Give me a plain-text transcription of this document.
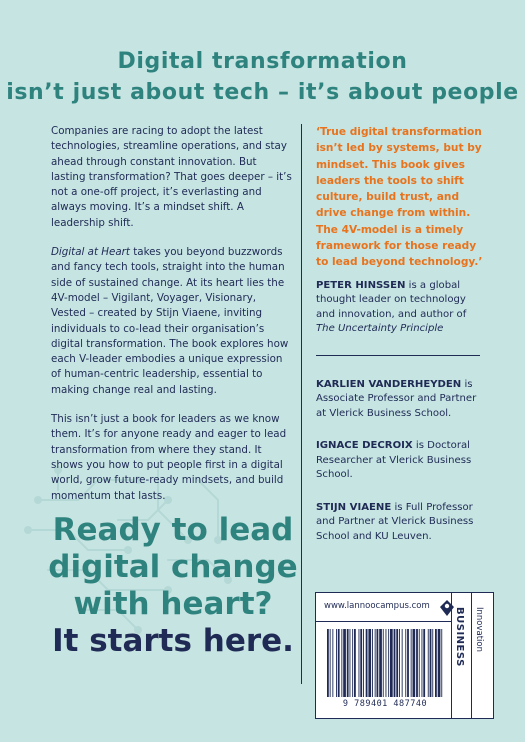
Digital transformation
isn’t just about tech – it’s about people

Companies are racing to adopt the latest technologies, streamline operations, and stay ahead through constant innovation. But lasting transformation? That goes deeper – it’s not a one-off project, it’s everlasting and always moving. It’s a mindset shift. A leadership shift.

Digital at Heart takes you beyond buzzwords and fancy tech tools, straight into the human side of sustained change. At its heart lies the 4V-model – Vigilant, Voyager, Visionary, Vested – created by Stijn Viaene, inviting individuals to co-lead their organisation’s digital transformation. The book explores how each V-leader embodies a unique expression of human-centric leadership, essential to making change real and lasting.

This isn’t just a book for leaders as we know them. It’s for anyone ready and eager to lead transformation from where they stand. It shows you how to put people first in a digital world, grow future-ready mindsets, and build momentum that lasts.

Ready to lead
digital change
with heart?
It starts here.

‘True digital transformation isn’t led by systems, but by mindset. This book gives leaders the tools to shift culture, build trust, and drive change from within. The 4V-model is a timely framework for those ready to lead beyond technology.’

PETER HINSSEN is a global thought leader on technology and innovation, and author of The Uncertainty Principle

KARLIEN VANDERHEYDEN is Associate Professor and Partner at Vlerick Business School.

IGNACE DECROIX is Doctoral Researcher at Vlerick Business School.

STIJN VIAENE is Full Professor and Partner at Vlerick Business School and KU Leuven.

www.lannoocampus.com
9 789401 487740
BUSINESS Innovation
